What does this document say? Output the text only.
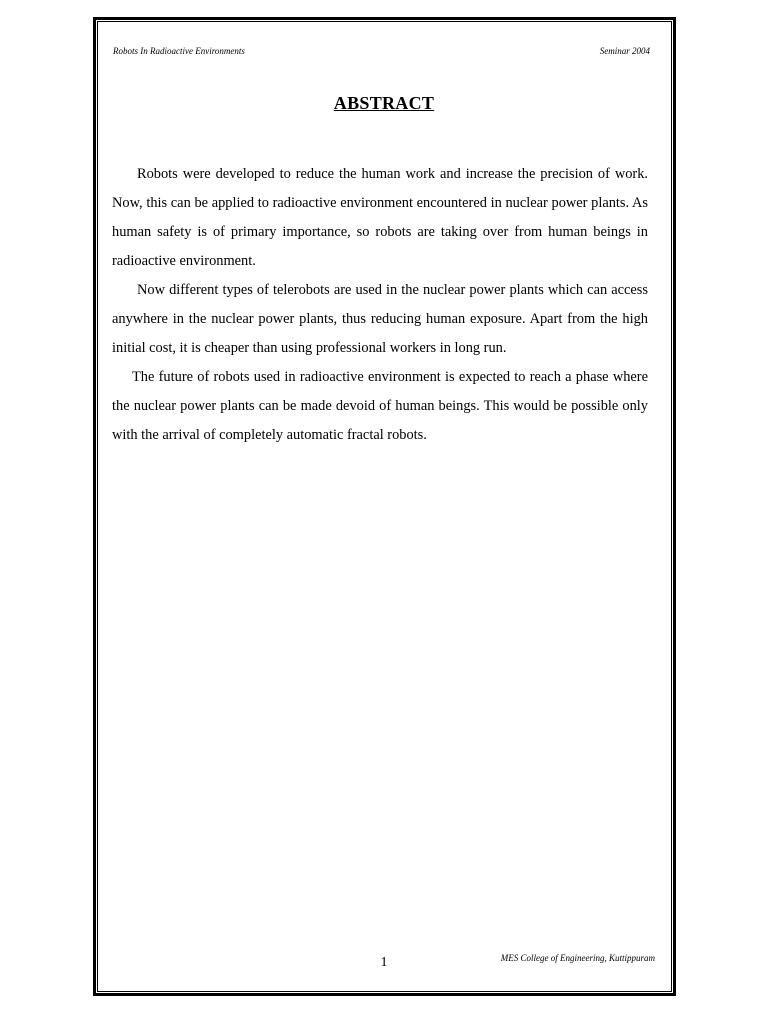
Robots In Radioactive Environments	Seminar 2004
ABSTRACT

Robots were developed to reduce the human work and increase the precision of work. Now, this can be applied to radioactive environment encountered in nuclear power plants. As human safety is of primary importance, so robots are taking over from human beings in radioactive environment.

Now different types of telerobots are used in the nuclear power plants which can access anywhere in the nuclear power plants, thus reducing human exposure. Apart from the high initial cost, it is cheaper than using professional workers in long run.

The future of robots used in radioactive environment is expected to reach a phase where the nuclear power plants can be made devoid of human beings. This would be possible only with the arrival of completely automatic fractal robots.

1	MES College of Engineering, Kuttippuram
